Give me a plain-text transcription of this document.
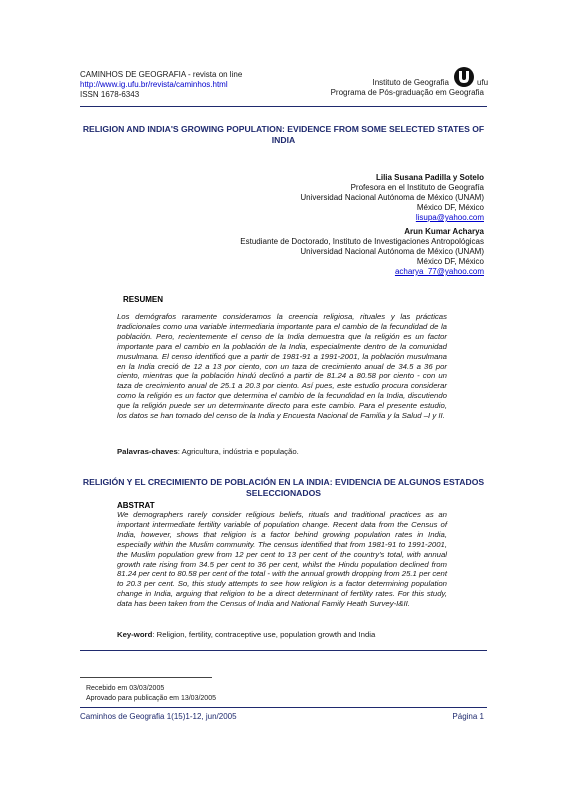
CAMINHOS DE GEOGRAFIA - revista on line
http://www.ig.ufu.br/revista/caminhos.html
ISSN 1678-6343
ufu
Instituto de Geografia
Programa de Pós-graduação em Geografia
RELIGION AND INDIA'S GROWING POPULATION: EVIDENCE FROM SOME SELECTED STATES OF INDIA
Lilia Susana Padilla y Sotelo
Profesora en el Instituto de Geografía
Universidad Nacional Autónoma de México (UNAM)
México DF, México
lisupa@yahoo.com
Arun Kumar Acharya
Estudiante de Doctorado, Instituto de Investigaciones Antropológicas
Universidad Nacional Autónoma de México (UNAM)
México DF, México
acharya_77@yahoo.com
RESUMEN
Los demógrafos raramente consideramos la creencia religiosa, rituales y las prácticas tradicionales como una variable intermediaria importante para el cambio de la fecundidad de la población. Pero, recientemente el censo de la India demuestra que la religión es un factor importante para el cambio en la población de la India, especialmente dentro de la comunidad musulmana. El censo identificó que a partir de 1981-91 a 1991-2001, la población musulmana en la India creció de 12 a 13 por ciento, con un taza de crecimiento anual de 34.5 a 36 por ciento, mientras que la población hindú declinó a partir de 81.24 a 80.58 por ciento - con un taza de crecimiento anual de 25.1 a 20.3 por ciento. Así pues, este estudio procura considerar como la religión es un factor que determina el cambio de la fecundidad en la India, discutiendo que la religión puede ser un determinante directo para este cambio. Para el presente estudio, los datos se han tomado del censo de la India y Encuesta Nacional de Familia y la Salud –I y II.
Palavras-chaves: Agricultura, indústria e população.
RELIGIÓN Y EL CRECIMIENTO DE POBLACIÓN EN LA INDIA: EVIDENCIA DE ALGUNOS ESTADOS SELECCIONADOS
ABSTRAT
We demographers rarely consider religious beliefs, rituals and traditional practices as an important intermediate fertility variable of population change. Recent data from the Census of India, however, shows that religion is a factor behind growing population rates in India, especially within the Muslim community. The census identified that from 1981-91 to 1991-2001, the Muslim population grew from 12 per cent to 13 per cent of the country's total, with annual growth rate rising from 34.5 per cent to 36 per cent, whilst the Hindu population declined from 81.24 per cent to 80.58 per cent of the total - with the annual growth dropping from 25.1 per cent to 20.3 per cent. So, this study attempts to see how religion is a factor determining population change in India, arguing that religion to be a direct determinant of fertility rates. For this study, data has been taken from the Census of India and National Family Heath Survey-I&II.
Key-word: Religion, fertility, contraceptive use, population growth and India
Recebido em 03/03/2005
Aprovado para publicação em 13/03/2005
Caminhos de Geografia 1(15)1-12, jun/2005	Página 1
